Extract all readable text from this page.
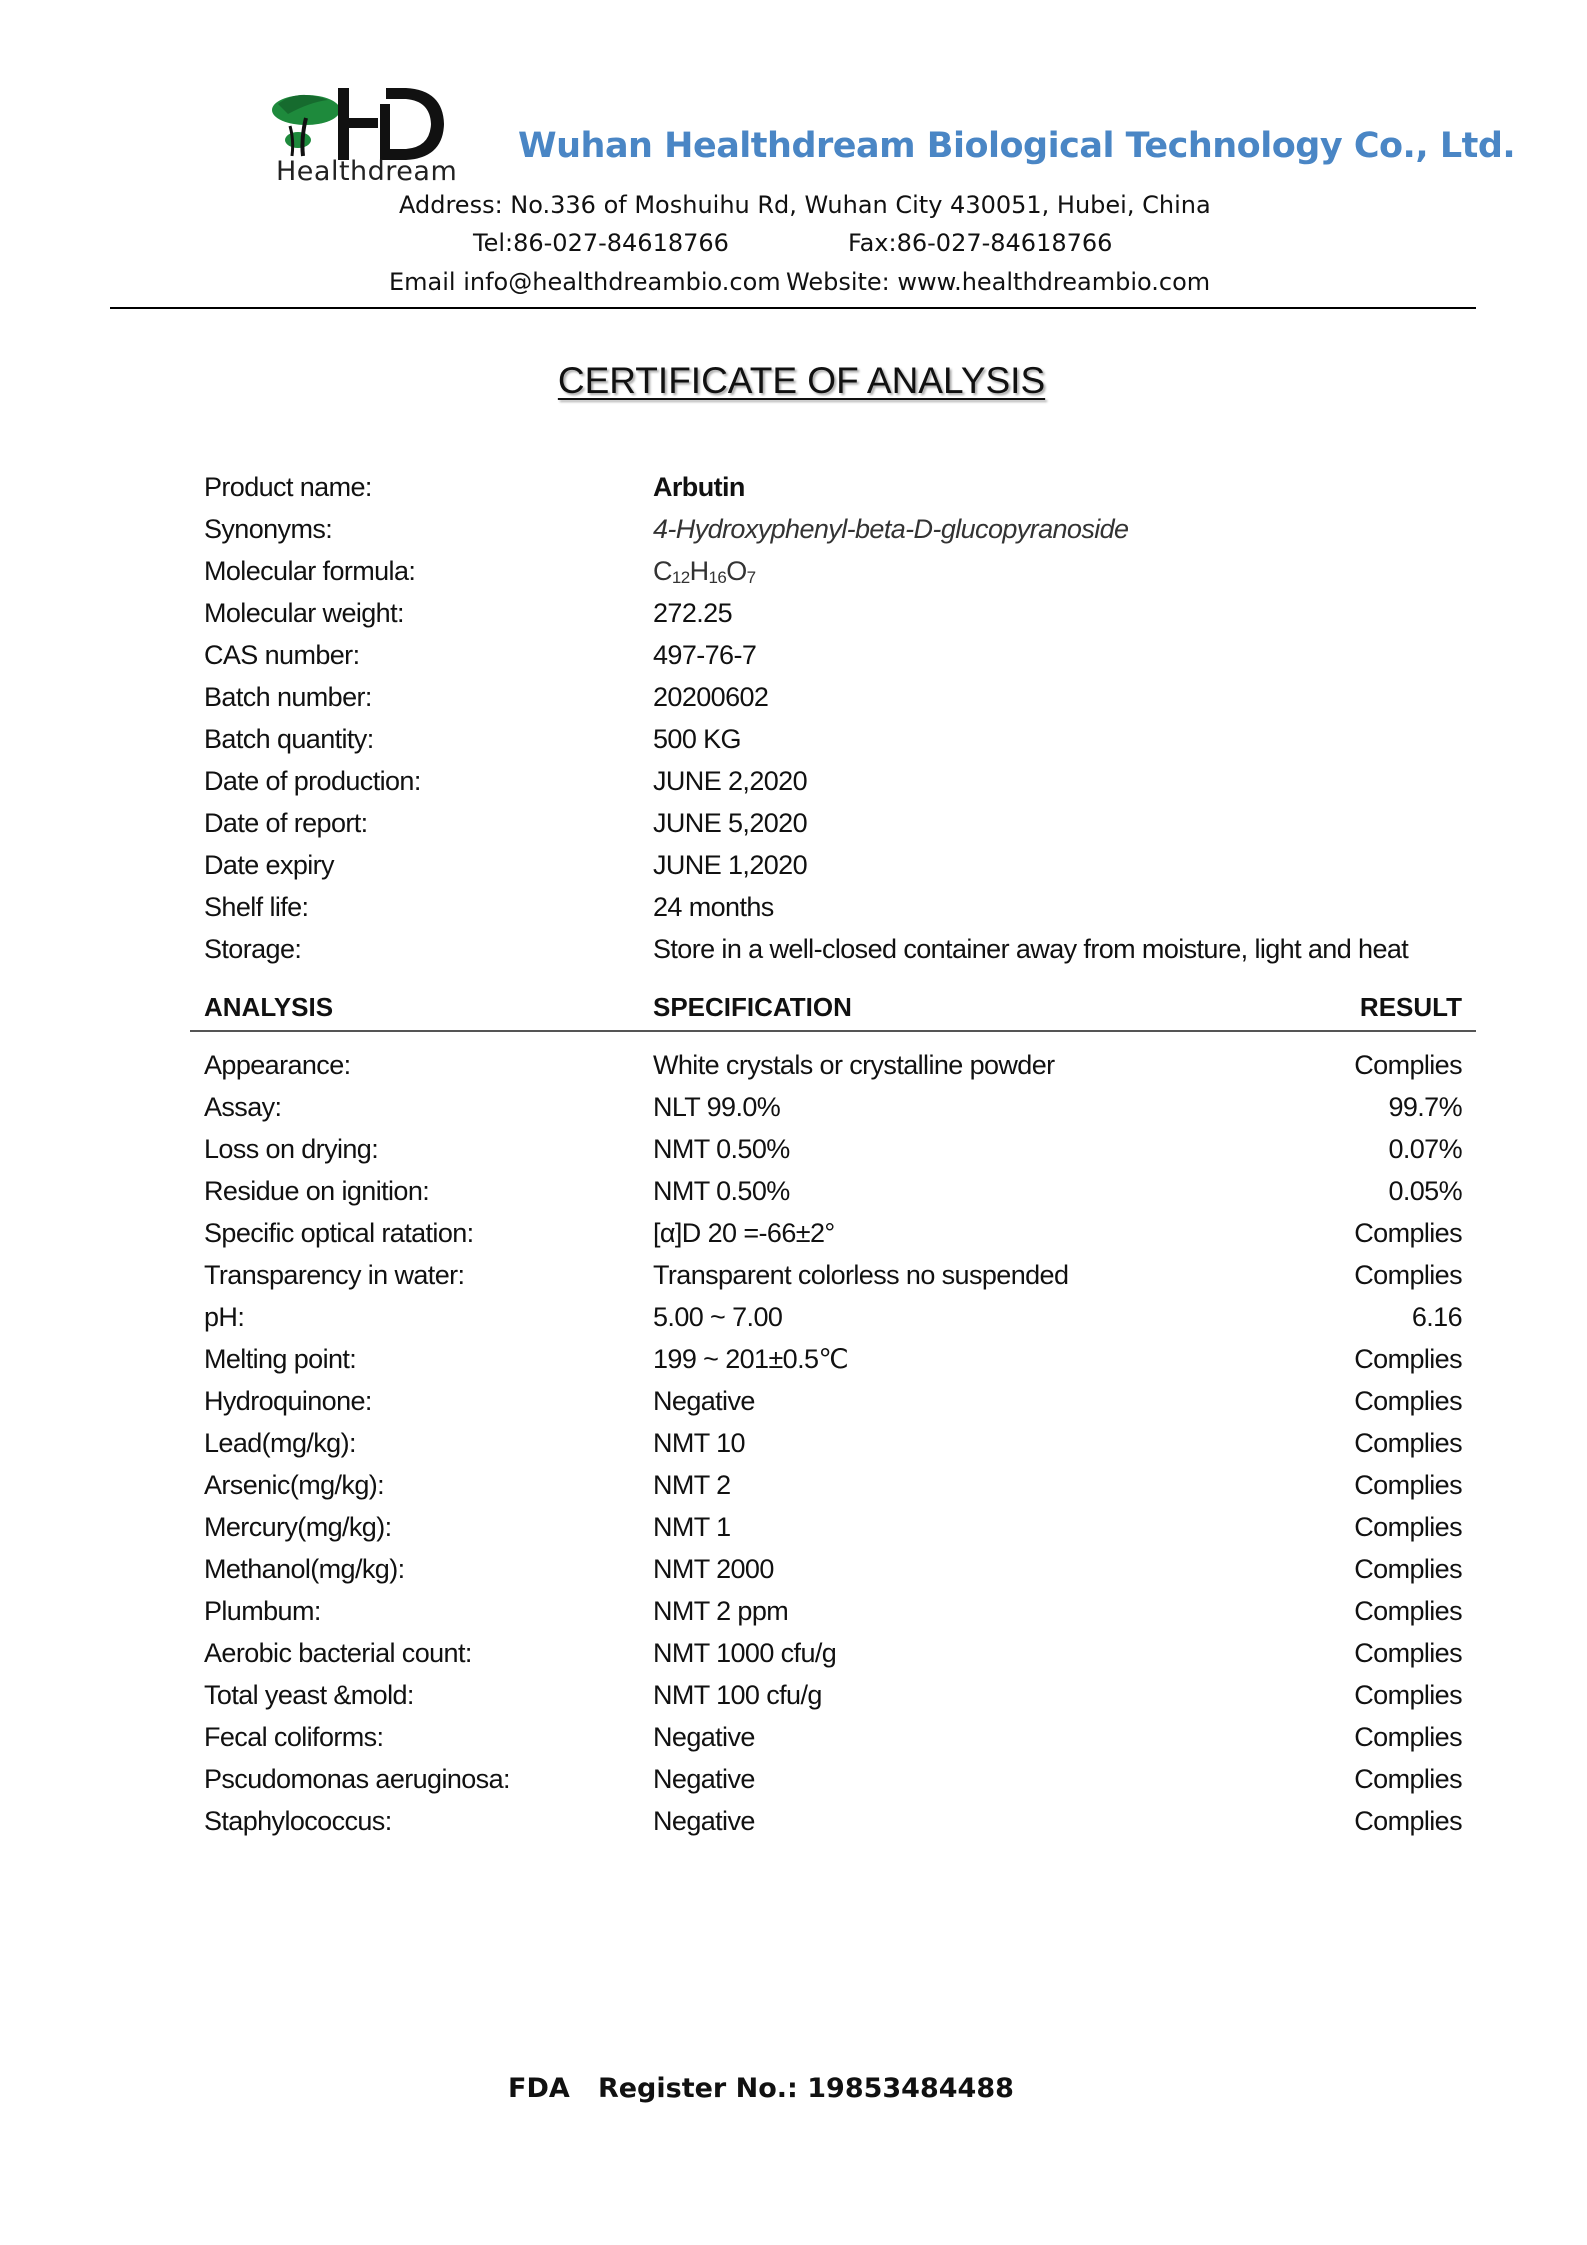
Healthdream
Wuhan Healthdream Biological Technology Co., Ltd.
Address: No.336 of Moshuihu Rd, Wuhan City 430051, Hubei, China
Tel:86-027-84618766	Fax:86-027-84618766
Email info@healthdreambio.com Website: www.healthdreambio.com
CERTIFICATE OF ANALYSIS
Product name:	Arbutin
Synonyms:	4-Hydroxyphenyl-beta-D-glucopyranoside
Molecular formula:	$C_{12}H_{16}O_7$
Molecular weight:	272.25
CAS number:	497-76-7
Batch number:	20200602
Batch quantity:	500 KG
Date of production:	JUNE 2,2020
Date of report:	JUNE 5,2020
Date expiry	JUNE 1,2020
Shelf life:	24 months
Storage:	Store in a well-closed container away from moisture, light and heat
ANALYSIS	SPECIFICATION	RESULT
Appearance:	White crystals or crystalline powder	Complies
Assay:	NLT 99.0%	99.7%
Loss on drying:	NMT 0.50%	0.07%
Residue on ignition:	NMT 0.50%	0.05%
Specific optical ratation:	[α]D 20 =-66±2°	Complies
Transparency in water:	Transparent colorless no suspended	Complies
pH:	5.00 ~ 7.00	6.16
Melting point:	199 ~ 201±0.5℃	Complies
Hydroquinone:	Negative	Complies
Lead(mg/kg):	NMT 10	Complies
Arsenic(mg/kg):	NMT 2	Complies
Mercury(mg/kg):	NMT 1	Complies
Methanol(mg/kg):	NMT 2000	Complies
Plumbum:	NMT 2 ppm	Complies
Aerobic bacterial count:	NMT 1000 cfu/g	Complies
Total yeast &mold:	NMT 100 cfu/g	Complies
Fecal coliforms:	Negative	Complies
Pscudomonas aeruginosa:	Negative	Complies
Staphylococcus:	Negative	Complies
FDA   Register No.: 19853484488
